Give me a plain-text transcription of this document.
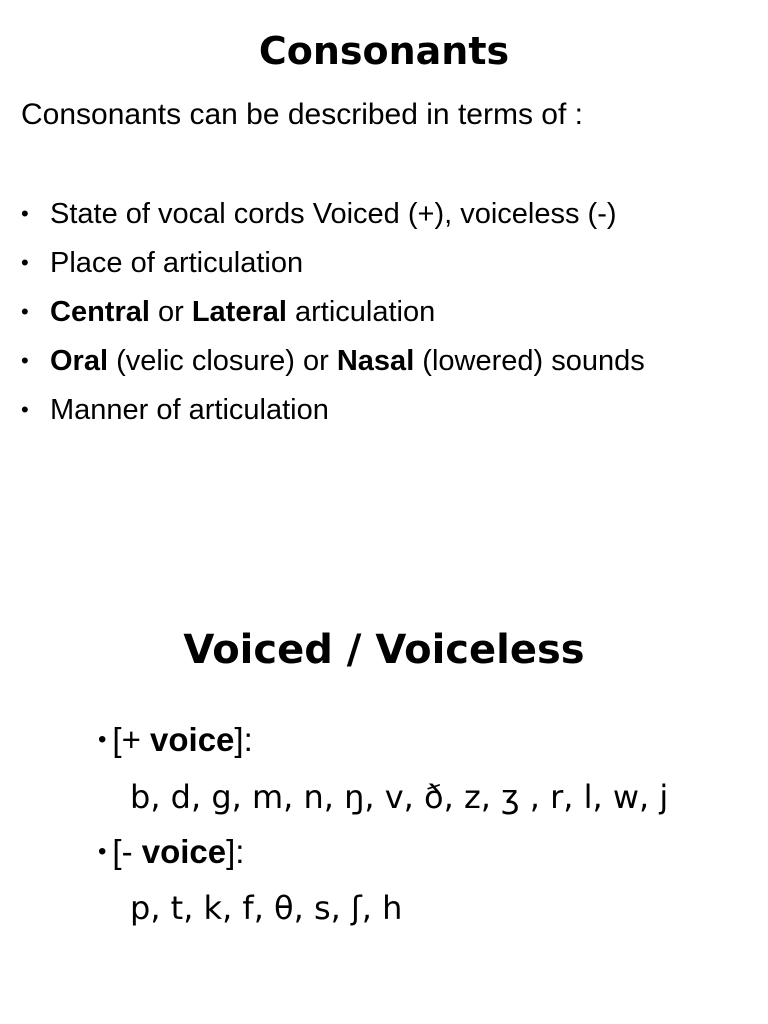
Consonants

Consonants can be described in terms of :

• State of vocal cords Voiced (+), voiceless (-)
• Place of articulation
• Central or Lateral articulation
• Oral (velic closure) or Nasal (lowered) sounds
• Manner of articulation
Voiced / Voiceless
• [+ voice]:
b, d, g, m, n, ŋ, v, ð, z, ʒ , r, l, w, j
• [- voice]:
p, t, k, f, θ, s, ʃ, h
